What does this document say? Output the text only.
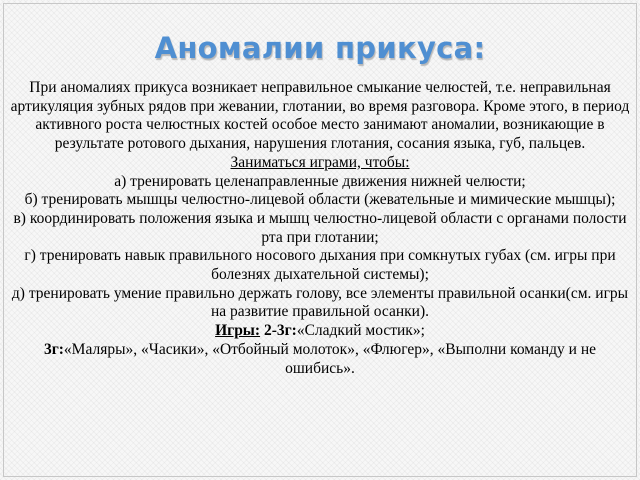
Аномалии прикуса:

При аномалиях прикуса возникает неправильное смыкание челюстей, т.е. неправильная артикуляция зубных рядов при жевании, глотании, во время разговора. Кроме этого, в период активного роста челюстных костей особое место занимают аномалии, возникающие в результате ротового дыхания, нарушения глотания, сосания языка, губ, пальцев.

Заниматься играми, чтобы:

а) тренировать целенаправленные движения нижней челюсти;

б) тренировать мышцы челюстно-лицевой области (жевательные и мимические мышцы);

в) координировать положения языка и мышц челюстно-лицевой области с органами полости рта при глотании;

г) тренировать навык правильного носового дыхания при сомкнутых губах (см. игры при болезнях дыхательной системы);

д) тренировать умение правильно держать голову, все элементы правильной осанки(см. игры на развитие правильной осанки).

Игры: 2-3г:«Сладкий мостик»;

3г:«Маляры», «Часики», «Отбойный молоток», «Флюгер», «Выполни команду и не ошибись».
